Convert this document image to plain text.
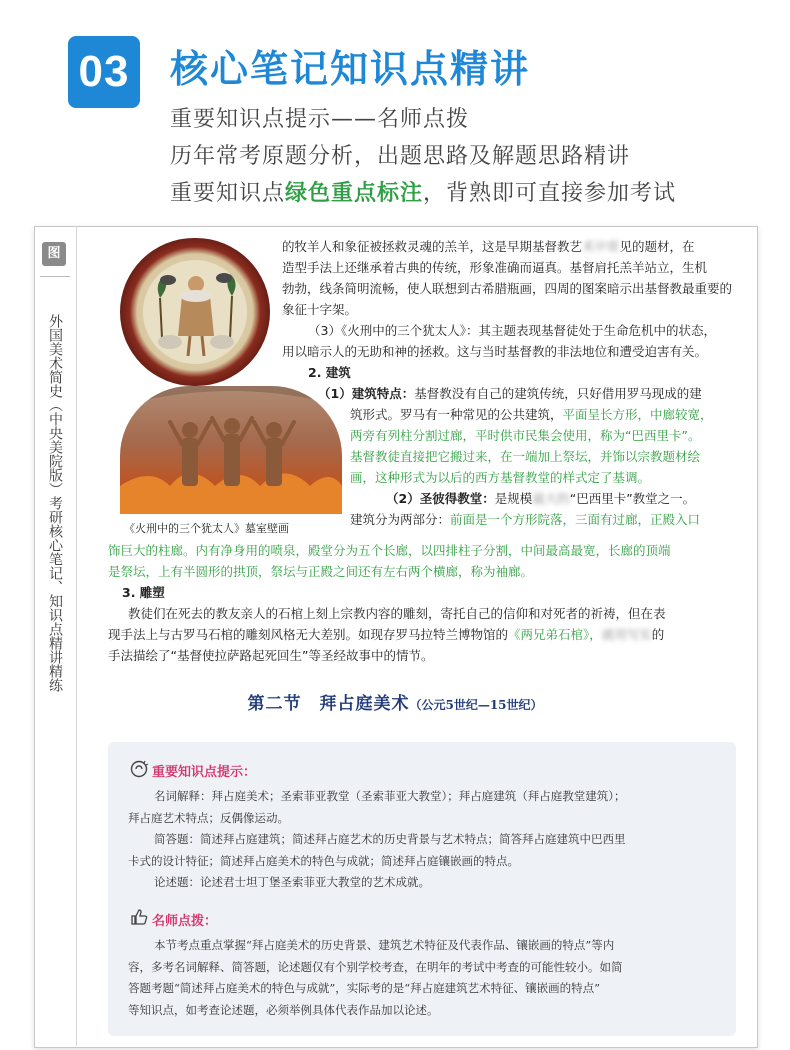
03 核心笔记知识点精讲
重要知识点提示——名师点拨
历年常考原题分析，出题思路及解题思路精讲
重要知识点绿色重点标注，背熟即可直接参加考试
图
外国美术简史（中央美院版）考研核心笔记、知识点精讲精练	《火刑中的三个犹太人》墓室壁画
的牧羊人和象征被拯救灵魂的羔羊，这是早期基督教艺术中常见的题材，在
造型手法上还继承着古典的传统，形象准确而逼真。基督肩托羔羊站立，生机
勃勃，线条简明流畅，使人联想到古希腊瓶画，四周的图案暗示出基督教最重要的
象征十字架。
（3）《火刑中的三个犹太人》：其主题表现基督徒处于生命危机中的状态，
用以暗示人的无助和神的拯救。这与当时基督教的非法地位和遭受迫害有关。
2. 建筑
（1）建筑特点：基督教没有自己的建筑传统，只好借用罗马现成的建
筑形式。罗马有一种常见的公共建筑，平面呈长方形，中廊较宽，
两旁有列柱分割过廊，平时供市民集会使用，称为“巴西里卡”。
基督教徒直接把它搬过来，在一端加上祭坛，并饰以宗教题材绘
画，这种形式为以后的西方基督教堂的样式定了基调。
（2）圣彼得教堂：是规模最大的“巴西里卡”教堂之一。
建筑分为两部分：前面是一个方形院落，三面有过廊，正殿入口
饰巨大的柱廊。内有净身用的喷泉，殿堂分为五个长廊，以四排柱子分割，中间最高最宽，长廊的顶端
是祭坛，上有半圆形的拱顶，祭坛与正殿之间还有左右两个横廊，称为袖廊。
3. 雕塑
教徒们在死去的教友亲人的石棺上刻上宗教内容的雕刻，寄托自己的信仰和对死者的祈祷，但在表
现手法上与古罗马石棺的雕刻风格无大差别。如现存罗马拉特兰博物馆的《两兄弟石棺》，就用写实的
手法描绘了“基督使拉萨路起死回生”等圣经故事中的情节。
第二节　拜占庭美术（公元5世纪—15世纪）
重要知识点提示：
名词解释：拜占庭美术；圣索菲亚教堂（圣索菲亚大教堂）；拜占庭建筑（拜占庭教堂建筑）；
拜占庭艺术特点；反偶像运动。
简答题：简述拜占庭建筑；简述拜占庭艺术的历史背景与艺术特点；简答拜占庭建筑中巴西里
卡式的设计特征；简述拜占庭美术的特色与成就；简述拜占庭镶嵌画的特点。
论述题：论述君士坦丁堡圣索菲亚大教堂的艺术成就。
名师点拨：
本节考点重点掌握“拜占庭美术的历史背景、建筑艺术特征及代表作品、镶嵌画的特点”等内
容，多考名词解释、简答题，论述题仅有个别学校考查，在明年的考试中考查的可能性较小。如简
答题考题“简述拜占庭美术的特色与成就”，实际考的是“拜占庭建筑艺术特征、镶嵌画的特点”
等知识点，如考查论述题，必须举例具体代表作品加以论述。
